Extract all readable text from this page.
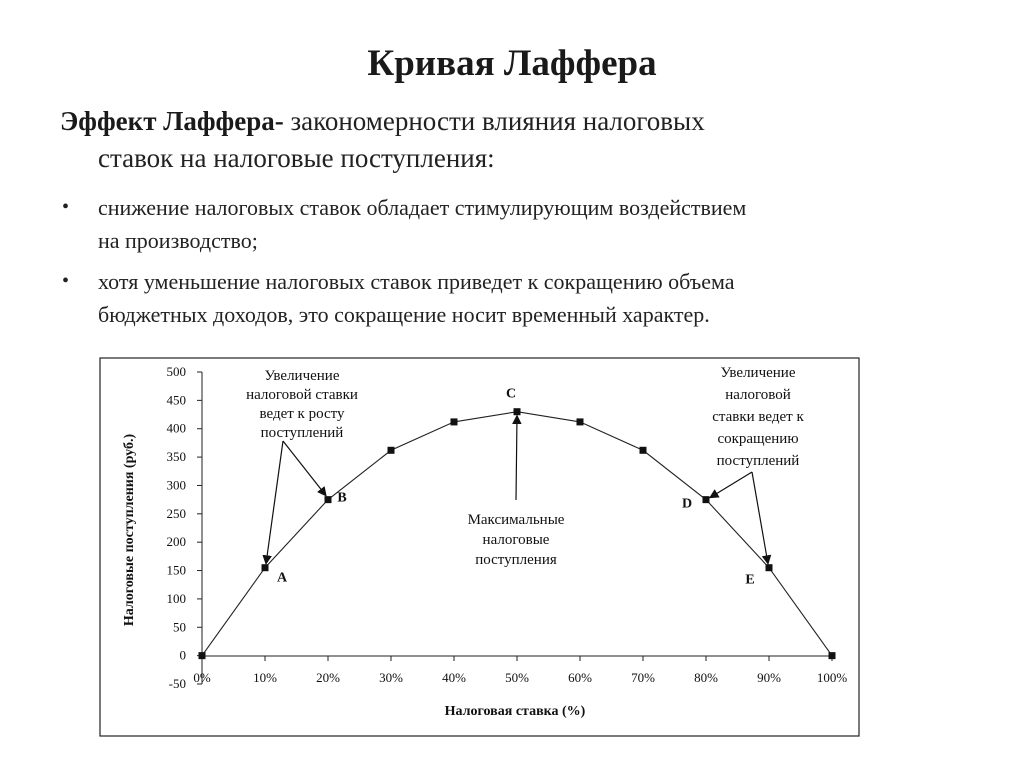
Кривая Лаффера
Эффект Лаффера- закономерности влияния налоговых
ставок на налоговые поступления:
•	снижение налоговых ставок обладает стимулирующим воздействием
на производство;
•	хотя уменьшение налоговых ставок приведет к сокращению объема
бюджетных доходов, это сокращение носит временный характер.
-50
0
50
100
150
200
250
300
350
400
450
500
0%	10%	20%	30%	40%	50%	60%	70%	80%	90%	100%
A
B
C
D
E
Налоговая ставка (%)
Налоговые поступления (руб.)
Увеличение
налоговой ставки
ведет к росту
поступлений
Максимальные
налоговые
поступления
Увеличение
налоговой
ставки ведет к
сокращению
поступлений
